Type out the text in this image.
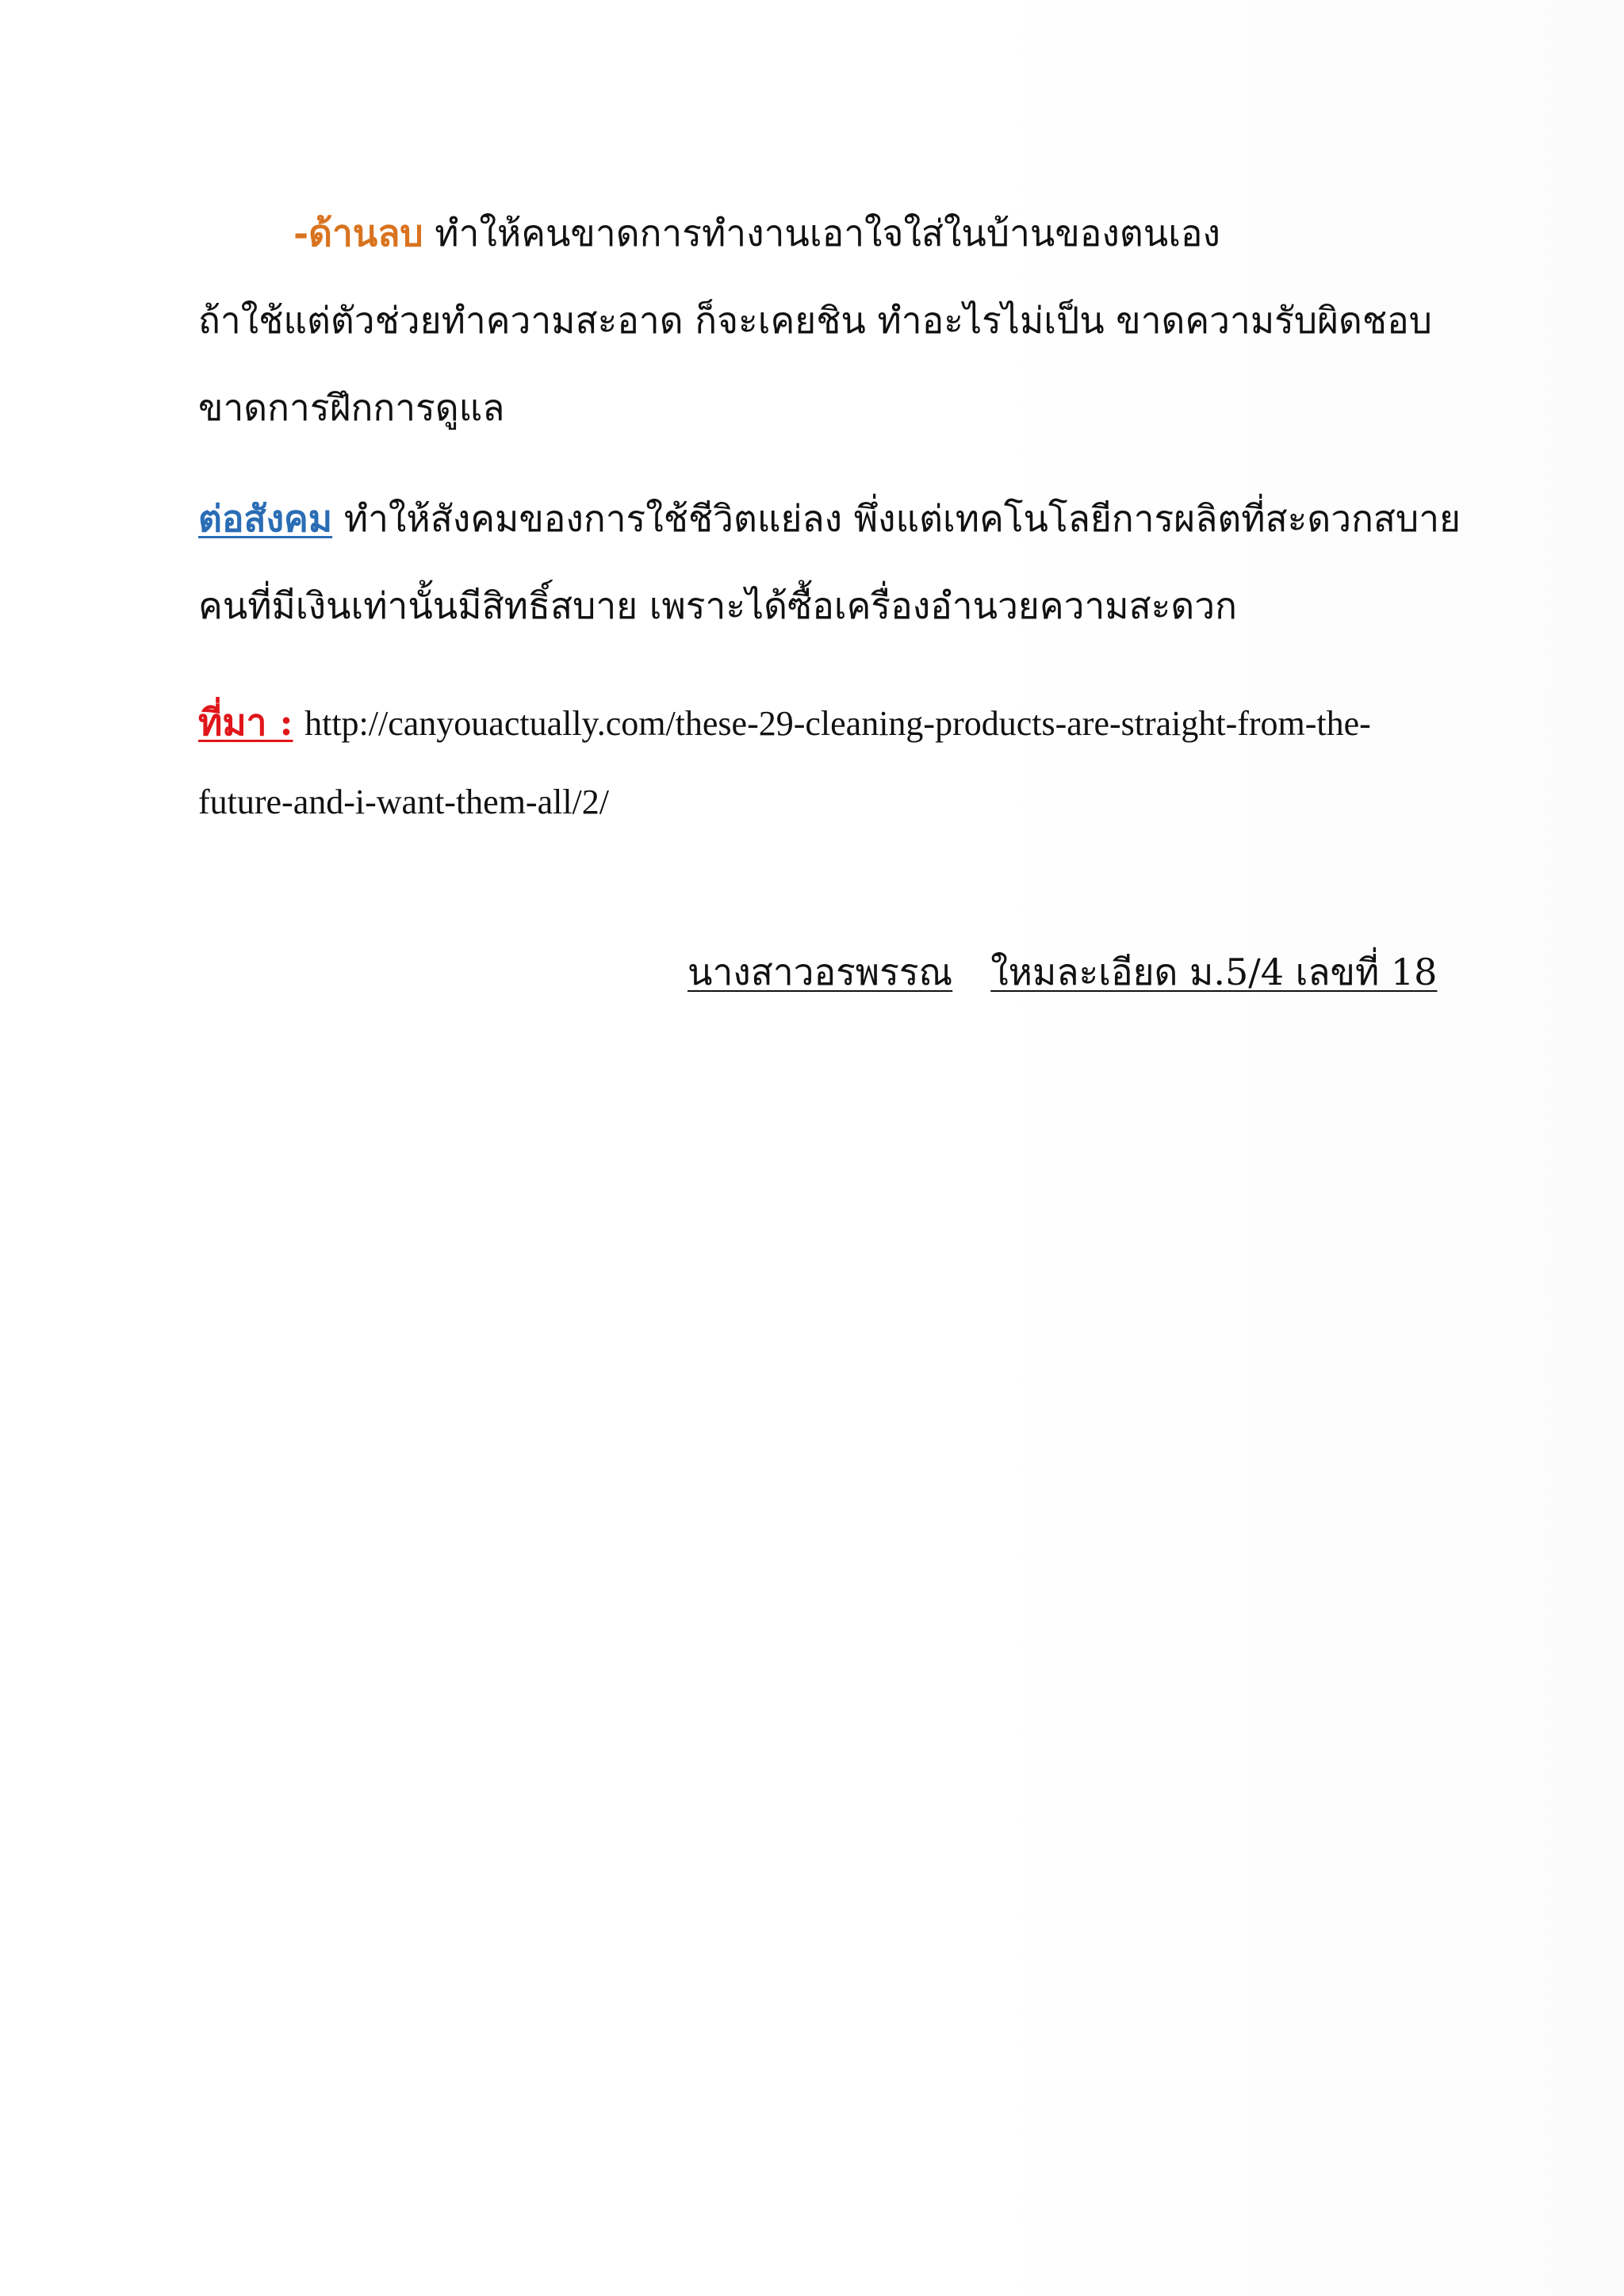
-ด้านลบ ทำให้คนขาดการทำงานเอาใจใส่ในบ้านของตนเอง
ถ้าใช้แต่ตัวช่วยทำความสะอาด ก็จะเคยชิน ทำอะไรไม่เป็น ขาดความรับผิดชอบ
ขาดการฝึกการดูแล
ต่อสังคม ทำให้สังคมของการใช้ชีวิตแย่ลง พึ่งแต่เทคโนโลยีการผลิตที่สะดวกสบาย
คนที่มีเงินเท่านั้นมีสิทธิ์สบาย เพราะได้ซื้อเครื่องอำนวยความสะดวก
ที่มา : http://canyouactually.com/these-29-cleaning-products-are-straight-from-the-
future-and-i-want-them-all/2/
นางสาวอรพรรณ ใหมละเอียด ม.5/4 เลขที่ 18
